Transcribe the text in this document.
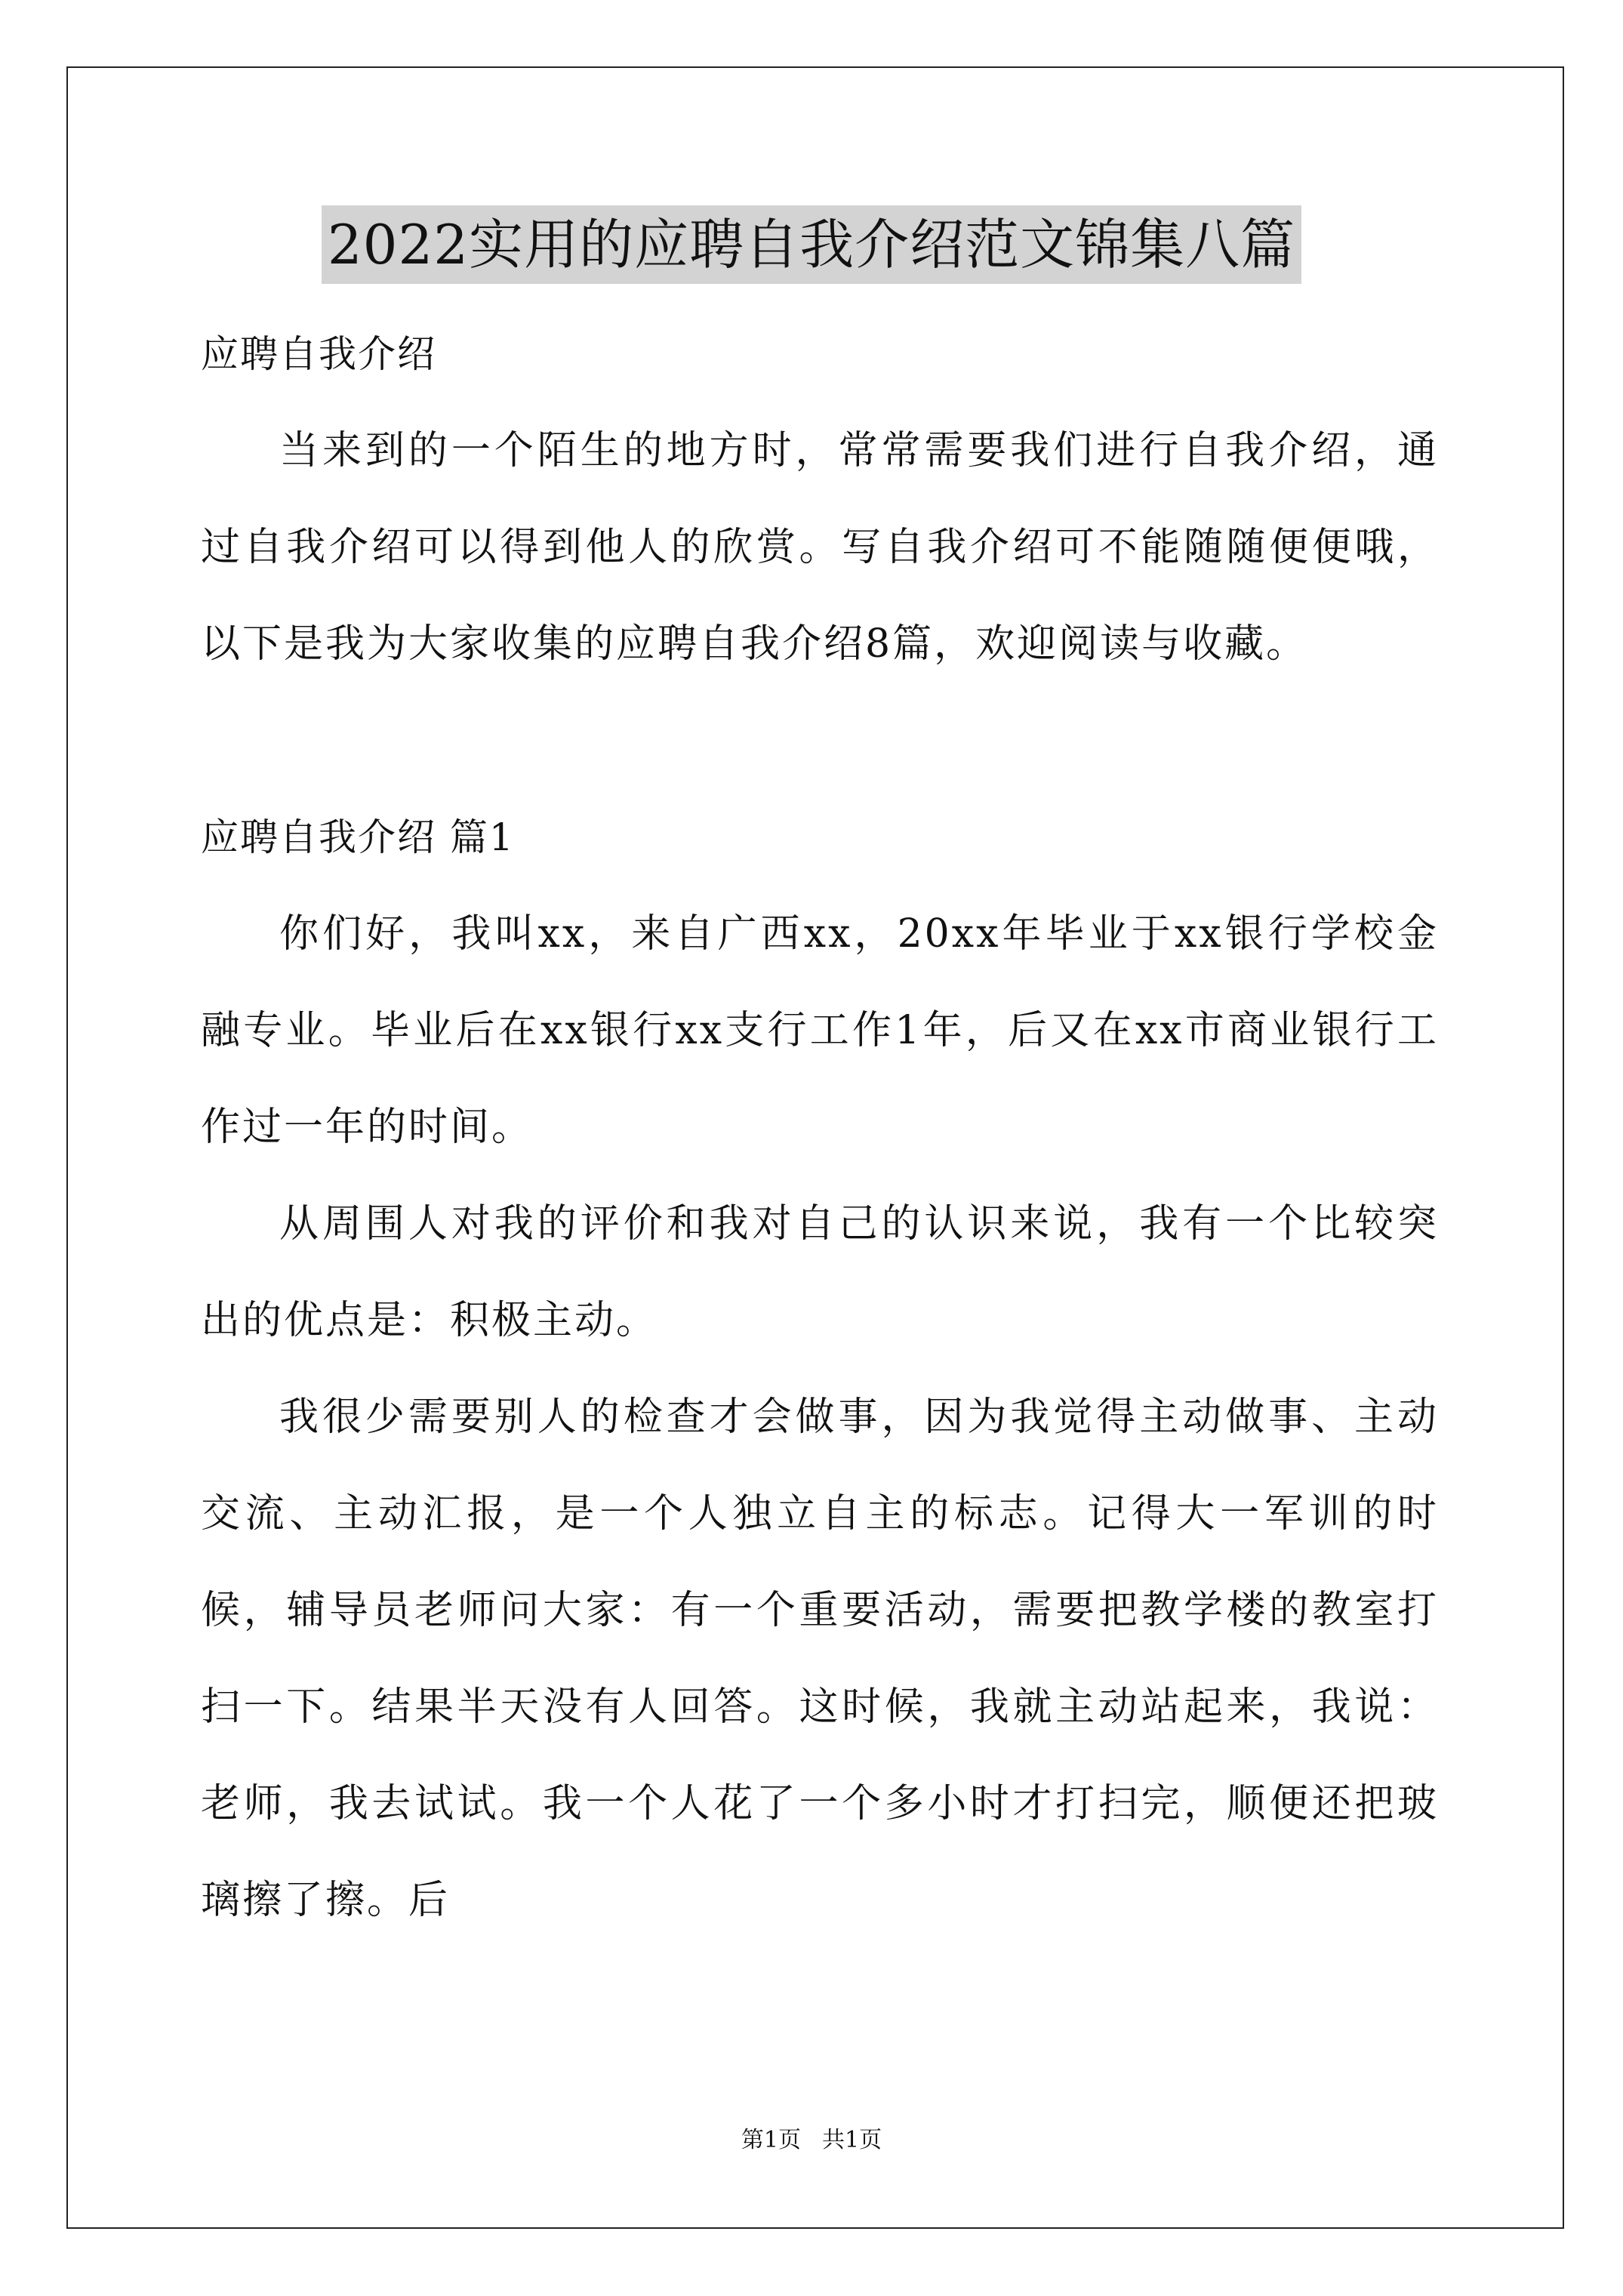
2022实用的应聘自我介绍范文锦集八篇

应聘自我介绍

当来到的一个陌生的地方时，常常需要我们进行自我介绍，通过自我介绍可以得到他人的欣赏。写自我介绍可不能随随便便哦，以下是我为大家收集的应聘自我介绍8篇，欢迎阅读与收藏。

应聘自我介绍 篇1

你们好，我叫xx，来自广西xx，20xx年毕业于xx银行学校金融专业。毕业后在xx银行xx支行工作1年，后又在xx市商业银行工作过一年的时间。

从周围人对我的评价和我对自己的认识来说，我有一个比较突出的优点是：积极主动。

我很少需要别人的检查才会做事，因为我觉得主动做事、主动交流、主动汇报，是一个人独立自主的标志。记得大一军训的时候，辅导员老师问大家：有一个重要活动，需要把教学楼的教室打扫一下。结果半天没有人回答。这时候，我就主动站起来，我说：老师，我去试试。我一个人花了一个多小时才打扫完，顺便还把玻璃擦了擦。后

第1页 共1页
